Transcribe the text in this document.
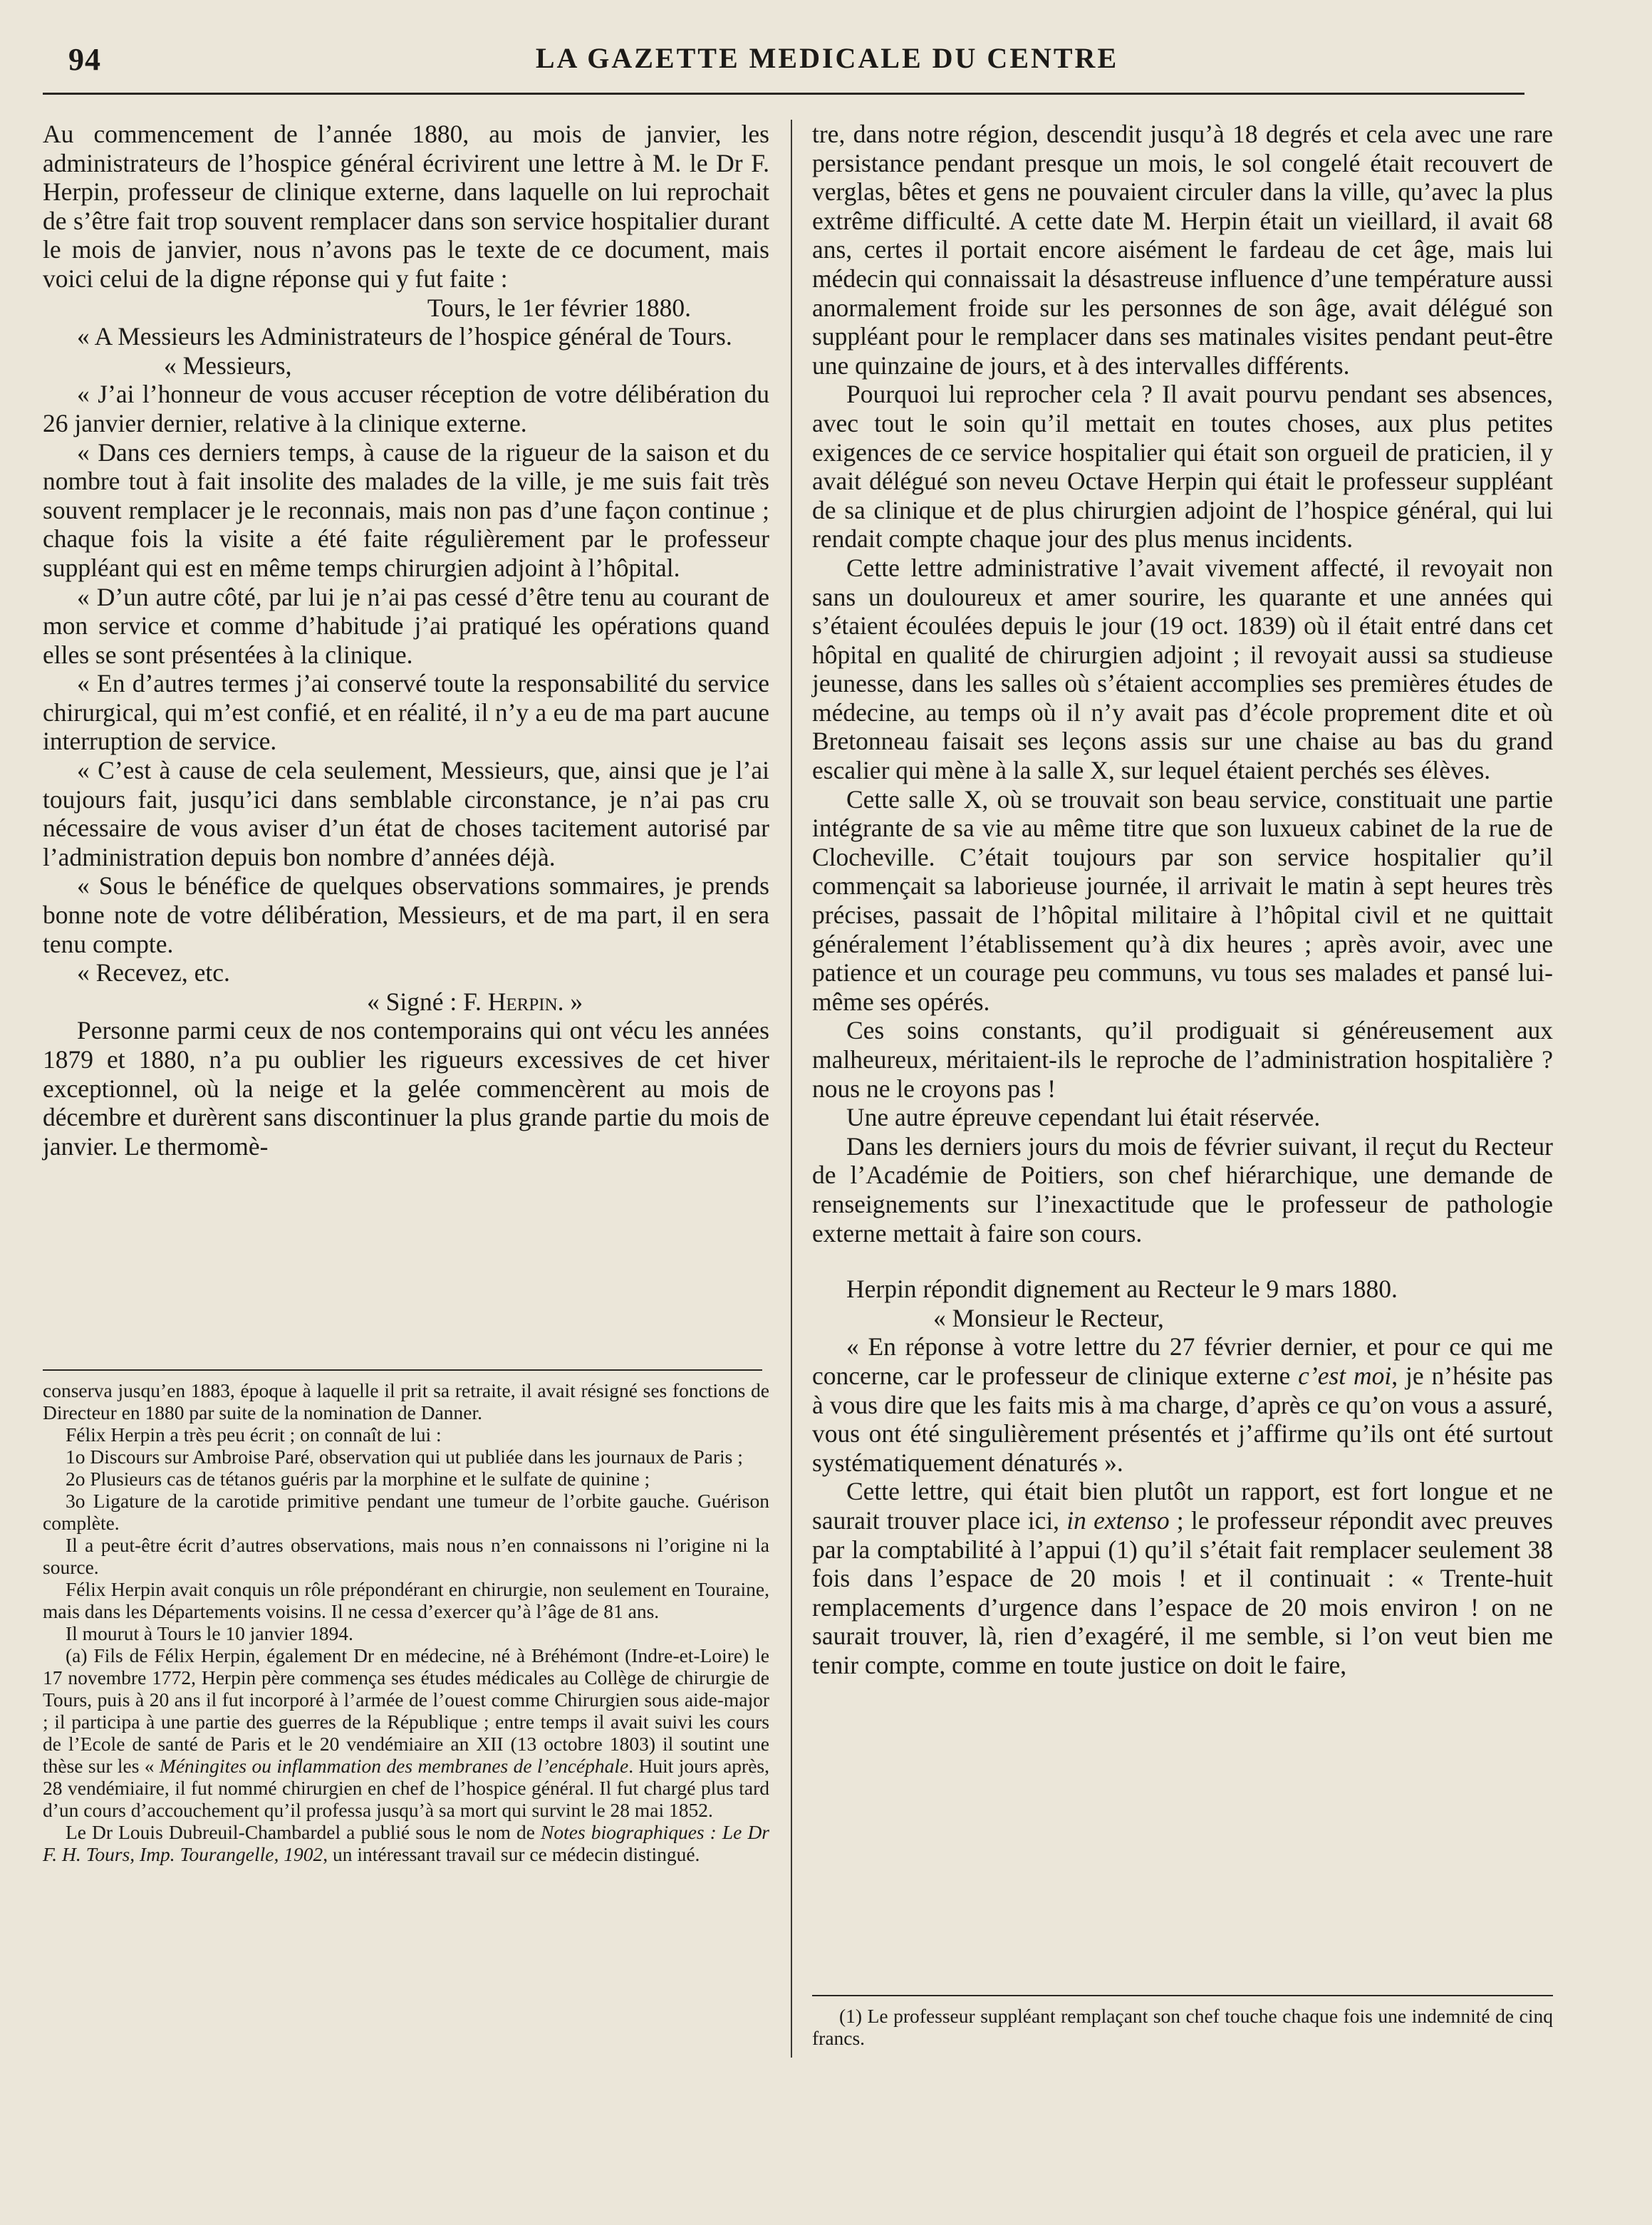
94	LA GAZETTE MEDICALE DU CENTRE

Au commencement de l’année 1880, au mois de janvier, les administrateurs de l’hospice général écrivirent une lettre à M. le Dr F. Herpin, professeur de clinique externe, dans laquelle on lui reprochait de s’être fait trop souvent remplacer dans son service hospitalier durant le mois de janvier, nous n’avons pas le texte de ce document, mais voici celui de la digne réponse qui y fut faite :

Tours, le 1er février 1880.

« A Messieurs les Administrateurs de l’hospice général de Tours.

« Messieurs,

« J’ai l’honneur de vous accuser réception de votre délibération du 26 janvier dernier, relative à la clinique externe.

« Dans ces derniers temps, à cause de la rigueur de la saison et du nombre tout à fait insolite des malades de la ville, je me suis fait très souvent remplacer je le reconnais, mais non pas d’une façon continue ; chaque fois la visite a été faite régulièrement par le professeur suppléant qui est en même temps chirurgien adjoint à l’hôpital.

« D’un autre côté, par lui je n’ai pas cessé d’être tenu au courant de mon service et comme d’habitude j’ai pratiqué les opérations quand elles se sont présentées à la clinique.

« En d’autres termes j’ai conservé toute la responsabilité du service chirurgical, qui m’est confié, et en réalité, il n’y a eu de ma part aucune interruption de service.

« C’est à cause de cela seulement, Messieurs, que, ainsi que je l’ai toujours fait, jusqu’ici dans semblable circonstance, je n’ai pas cru nécessaire de vous aviser d’un état de choses tacitement autorisé par l’administration depuis bon nombre d’années déjà.

« Sous le bénéfice de quelques observations sommaires, je prends bonne note de votre délibération, Messieurs, et de ma part, il en sera tenu compte.

« Recevez, etc.

« Signé : F. Herpin. »

Personne parmi ceux de nos contemporains qui ont vécu les années 1879 et 1880, n’a pu oublier les rigueurs excessives de cet hiver exceptionnel, où la neige et la gelée commencèrent au mois de décembre et durèrent sans discontinuer la plus grande partie du mois de janvier. Le thermomè-

conserva jusqu’en 1883, époque à laquelle il prit sa retraite, il avait résigné ses fonctions de Directeur en 1880 par suite de la nomination de Danner.

Félix Herpin a très peu écrit ; on connaît de lui :

1o Discours sur Ambroise Paré, observation qui ut publiée dans les journaux de Paris ;

2o Plusieurs cas de tétanos guéris par la morphine et le sulfate de quinine ;

3o Ligature de la carotide primitive pendant une tumeur de l’orbite gauche. Guérison complète.

Il a peut-être écrit d’autres observations, mais nous n’en connaissons ni l’origine ni la source.

Félix Herpin avait conquis un rôle prépondérant en chirurgie, non seulement en Touraine, mais dans les Départements voisins. Il ne cessa d’exercer qu’à l’âge de 81 ans.

Il mourut à Tours le 10 janvier 1894.

(a) Fils de Félix Herpin, également Dr en médecine, né à Bréhémont (Indre-et-Loire) le 17 novembre 1772, Herpin père commença ses études médicales au Collège de chirurgie de Tours, puis à 20 ans il fut incorporé à l’armée de l’ouest comme Chirurgien sous aide-major ; il participa à une partie des guerres de la République ; entre temps il avait suivi les cours de l’Ecole de santé de Paris et le 20 vendémiaire an XII (13 octobre 1803) il soutint une thèse sur les « Méningites ou inflammation des membranes de l’encéphale. Huit jours après, 28 vendémiaire, il fut nommé chirurgien en chef de l’hospice général. Il fut chargé plus tard d’un cours d’accouchement qu’il professa jusqu’à sa mort qui survint le 28 mai 1852.

Le Dr Louis Dubreuil-Chambardel a publié sous le nom de Notes biographiques : Le Dr F. H. Tours, Imp. Tourangelle, 1902, un intéressant travail sur ce médecin distingué.

tre, dans notre région, descendit jusqu’à 18 degrés et cela avec une rare persistance pendant presque un mois, le sol congelé était recouvert de verglas, bêtes et gens ne pouvaient circuler dans la ville, qu’avec la plus extrême difficulté. A cette date M. Herpin était un vieillard, il avait 68 ans, certes il portait encore aisément le fardeau de cet âge, mais lui médecin qui connaissait la désastreuse influence d’une température aussi anormalement froide sur les personnes de son âge, avait délégué son suppléant pour le remplacer dans ses matinales visites pendant peut-être une quinzaine de jours, et à des intervalles différents.

Pourquoi lui reprocher cela ? Il avait pourvu pendant ses absences, avec tout le soin qu’il mettait en toutes choses, aux plus petites exigences de ce service hospitalier qui était son orgueil de praticien, il y avait délégué son neveu Octave Herpin qui était le professeur suppléant de sa clinique et de plus chirurgien adjoint de l’hospice général, qui lui rendait compte chaque jour des plus menus incidents.

Cette lettre administrative l’avait vivement affecté, il revoyait non sans un douloureux et amer sourire, les quarante et une années qui s’étaient écoulées depuis le jour (19 oct. 1839) où il était entré dans cet hôpital en qualité de chirurgien adjoint ; il revoyait aussi sa studieuse jeunesse, dans les salles où s’étaient accomplies ses premières études de médecine, au temps où il n’y avait pas d’école proprement dite et où Bretonneau faisait ses leçons assis sur une chaise au bas du grand escalier qui mène à la salle X, sur lequel étaient perchés ses élèves.

Cette salle X, où se trouvait son beau service, constituait une partie intégrante de sa vie au même titre que son luxueux cabinet de la rue de Clocheville. C’était toujours par son service hospitalier qu’il commençait sa laborieuse journée, il arrivait le matin à sept heures très précises, passait de l’hôpital militaire à l’hôpital civil et ne quittait généralement l’établissement qu’à dix heures ; après avoir, avec une patience et un courage peu communs, vu tous ses malades et pansé lui-même ses opérés.

Ces soins constants, qu’il prodiguait si généreusement aux malheureux, méritaient-ils le reproche de l’administration hospitalière ? nous ne le croyons pas !

Une autre épreuve cependant lui était réservée.

Dans les derniers jours du mois de février suivant, il reçut du Recteur de l’Académie de Poitiers, son chef hiérarchique, une demande de renseignements sur l’inexactitude que le professeur de pathologie externe mettait à faire son cours.

Herpin répondit dignement au Recteur le 9 mars 1880.

« Monsieur le Recteur,

« En réponse à votre lettre du 27 février dernier, et pour ce qui me concerne, car le professeur de clinique externe c’est moi, je n’hésite pas à vous dire que les faits mis à ma charge, d’après ce qu’on vous a assuré, vous ont été singulièrement présentés et j’affirme qu’ils ont été surtout systématiquement dénaturés ».

Cette lettre, qui était bien plutôt un rapport, est fort longue et ne saurait trouver place ici, in extenso ; le professeur répondit avec preuves par la comptabilité à l’appui (1) qu’il s’était fait remplacer seulement 38 fois dans l’espace de 20 mois ! et il continuait : « Trente-huit remplacements d’urgence dans l’espace de 20 mois environ ! on ne saurait trouver, là, rien d’exagéré, il me semble, si l’on veut bien me tenir compte, comme en toute justice on doit le faire,

(1) Le professeur suppléant remplaçant son chef touche chaque fois une indemnité de cinq francs.
